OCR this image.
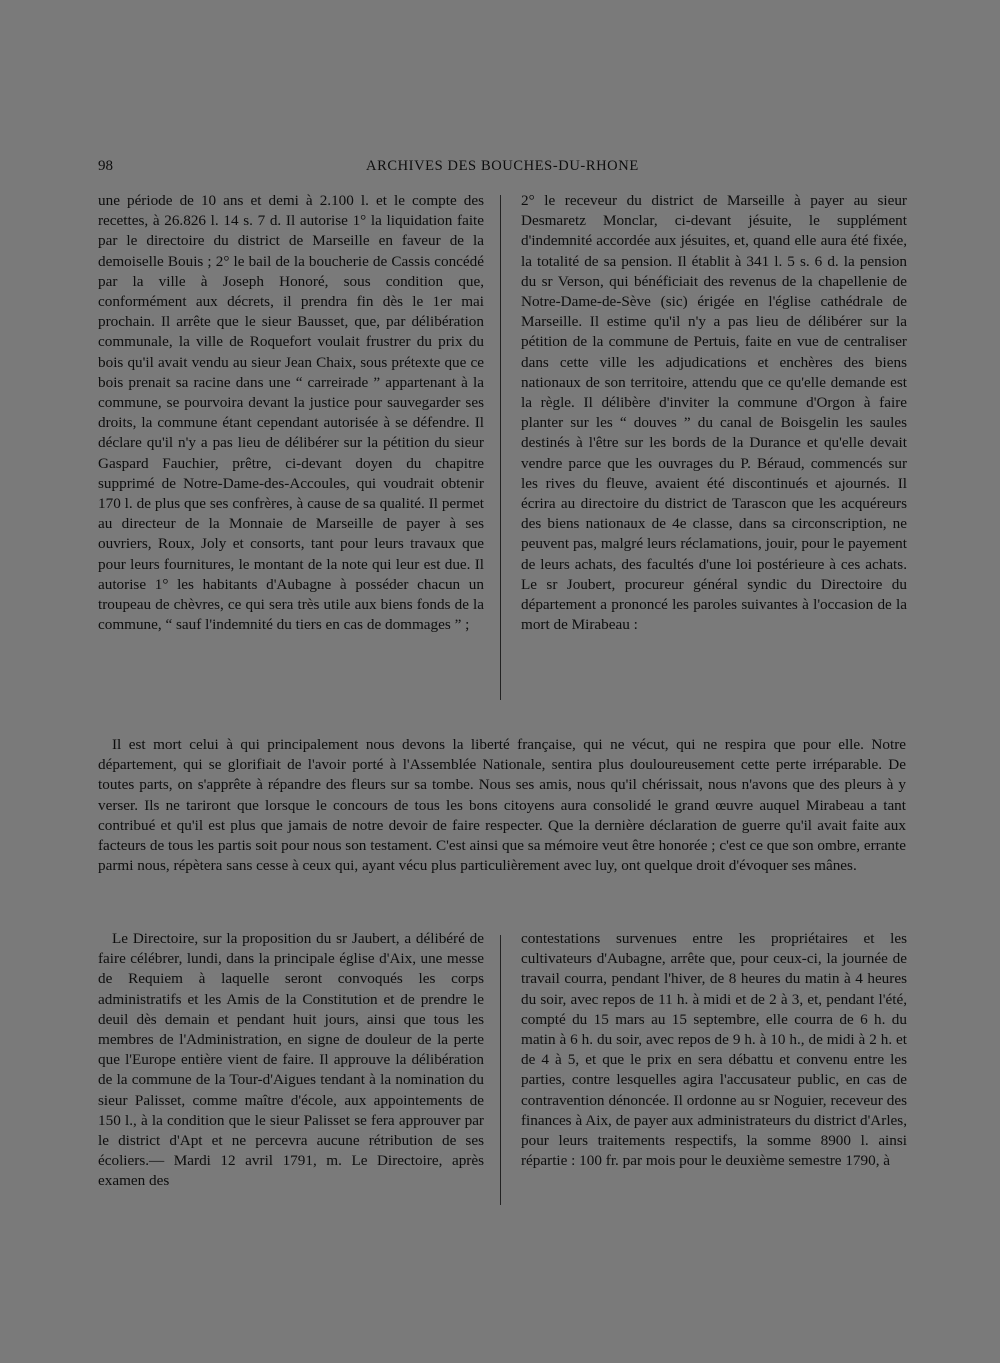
98	ARCHIVES DES BOUCHES-DU-RHONE

une période de 10 ans et demi à 2.100 l. et le compte des recettes, à 26.826 l. 14 s. 7 d. Il autorise 1° la liquidation faite par le directoire du district de Marseille en faveur de la demoiselle Bouis ; 2° le bail de la boucherie de Cassis concédé par la ville à Joseph Honoré, sous condition que, conformément aux décrets, il prendra fin dès le 1er mai prochain. Il arrête que le sieur Bausset, que, par délibération communale, la ville de Roquefort voulait frustrer du prix du bois qu'il avait vendu au sieur Jean Chaix, sous prétexte que ce bois prenait sa racine dans une “ carreirade ” appartenant à la commune, se pourvoira devant la justice pour sauvegarder ses droits, la commune étant cependant autorisée à se défendre. Il déclare qu'il n'y a pas lieu de délibérer sur la pétition du sieur Gaspard Fauchier, prêtre, ci-devant doyen du chapitre supprimé de Notre-Dame-des-Accoules, qui voudrait obtenir 170 l. de plus que ses confrères, à cause de sa qualité. Il permet au directeur de la Monnaie de Marseille de payer à ses ouvriers, Roux, Joly et consorts, tant pour leurs travaux que pour leurs fournitures, le montant de la note qui leur est due. Il autorise 1° les habitants d'Aubagne à posséder chacun un troupeau de chèvres, ce qui sera très utile aux biens fonds de la commune, “ sauf l'indemnité du tiers en cas de dommages ” ;

2° le receveur du district de Marseille à payer au sieur Desmaretz Monclar, ci-devant jésuite, le supplément d'indemnité accordée aux jésuites, et, quand elle aura été fixée, la totalité de sa pension. Il établit à 341 l. 5 s. 6 d. la pension du sr Verson, qui bénéficiait des revenus de la chapellenie de Notre-Dame-de-Sève (sic) érigée en l'église cathédrale de Marseille. Il estime qu'il n'y a pas lieu de délibérer sur la pétition de la commune de Pertuis, faite en vue de centraliser dans cette ville les adjudications et enchères des biens nationaux de son territoire, attendu que ce qu'elle demande est la règle. Il délibère d'inviter la commune d'Orgon à faire planter sur les “ douves ” du canal de Boisgelin les saules destinés à l'être sur les bords de la Durance et qu'elle devait vendre parce que les ouvrages du P. Béraud, commencés sur les rives du fleuve, avaient été discontinués et ajournés. Il écrira au directoire du district de Tarascon que les acquéreurs des biens nationaux de 4e classe, dans sa circonscription, ne peuvent pas, malgré leurs réclamations, jouir, pour le payement de leurs achats, des facultés d'une loi postérieure à ces achats. Le sr Joubert, procureur général syndic du Directoire du département a prononcé les paroles suivantes à l'occasion de la mort de Mirabeau :

Il est mort celui à qui principalement nous devons la liberté française, qui ne vécut, qui ne respira que pour elle. Notre département, qui se glorifiait de l'avoir porté à l'Assemblée Nationale, sentira plus douloureusement cette perte irréparable. De toutes parts, on s'apprête à répandre des fleurs sur sa tombe. Nous ses amis, nous qu'il chérissait, nous n'avons que des pleurs à y verser. Ils ne tariront que lorsque le concours de tous les bons citoyens aura consolidé le grand œuvre auquel Mirabeau a tant contribué et qu'il est plus que jamais de notre devoir de faire respecter. Que la dernière déclaration de guerre qu'il avait faite aux facteurs de tous les partis soit pour nous son testament. C'est ainsi que sa mémoire veut être honorée ; c'est ce que son ombre, errante parmi nous, répètera sans cesse à ceux qui, ayant vécu plus particulièrement avec luy, ont quelque droit d'évoquer ses mânes.

Le Directoire, sur la proposition du sr Jaubert, a délibéré de faire célébrer, lundi, dans la principale église d'Aix, une messe de Requiem à laquelle seront convoqués les corps administratifs et les Amis de la Constitution et de prendre le deuil dès demain et pendant huit jours, ainsi que tous les membres de l'Administration, en signe de douleur de la perte que l'Europe entière vient de faire. Il approuve la délibération de la commune de la Tour-d'Aigues tendant à la nomination du sieur Palisset, comme maître d'école, aux appointements de 150 l., à la condition que le sieur Palisset se fera approuver par le district d'Apt et ne percevra aucune rétribution de ses écoliers.— Mardi 12 avril 1791, m. Le Directoire, après examen des

contestations survenues entre les propriétaires et les cultivateurs d'Aubagne, arrête que, pour ceux-ci, la journée de travail courra, pendant l'hiver, de 8 heures du matin à 4 heures du soir, avec repos de 11 h. à midi et de 2 à 3, et, pendant l'été, compté du 15 mars au 15 septembre, elle courra de 6 h. du matin à 6 h. du soir, avec repos de 9 h. à 10 h., de midi à 2 h. et de 4 à 5, et que le prix en sera débattu et convenu entre les parties, contre lesquelles agira l'accusateur public, en cas de contravention dénoncée. Il ordonne au sr Noguier, receveur des finances à Aix, de payer aux administrateurs du district d'Arles, pour leurs traitements respectifs, la somme 8900 l. ainsi répartie : 100 fr. par mois pour le deuxième semestre 1790, à
